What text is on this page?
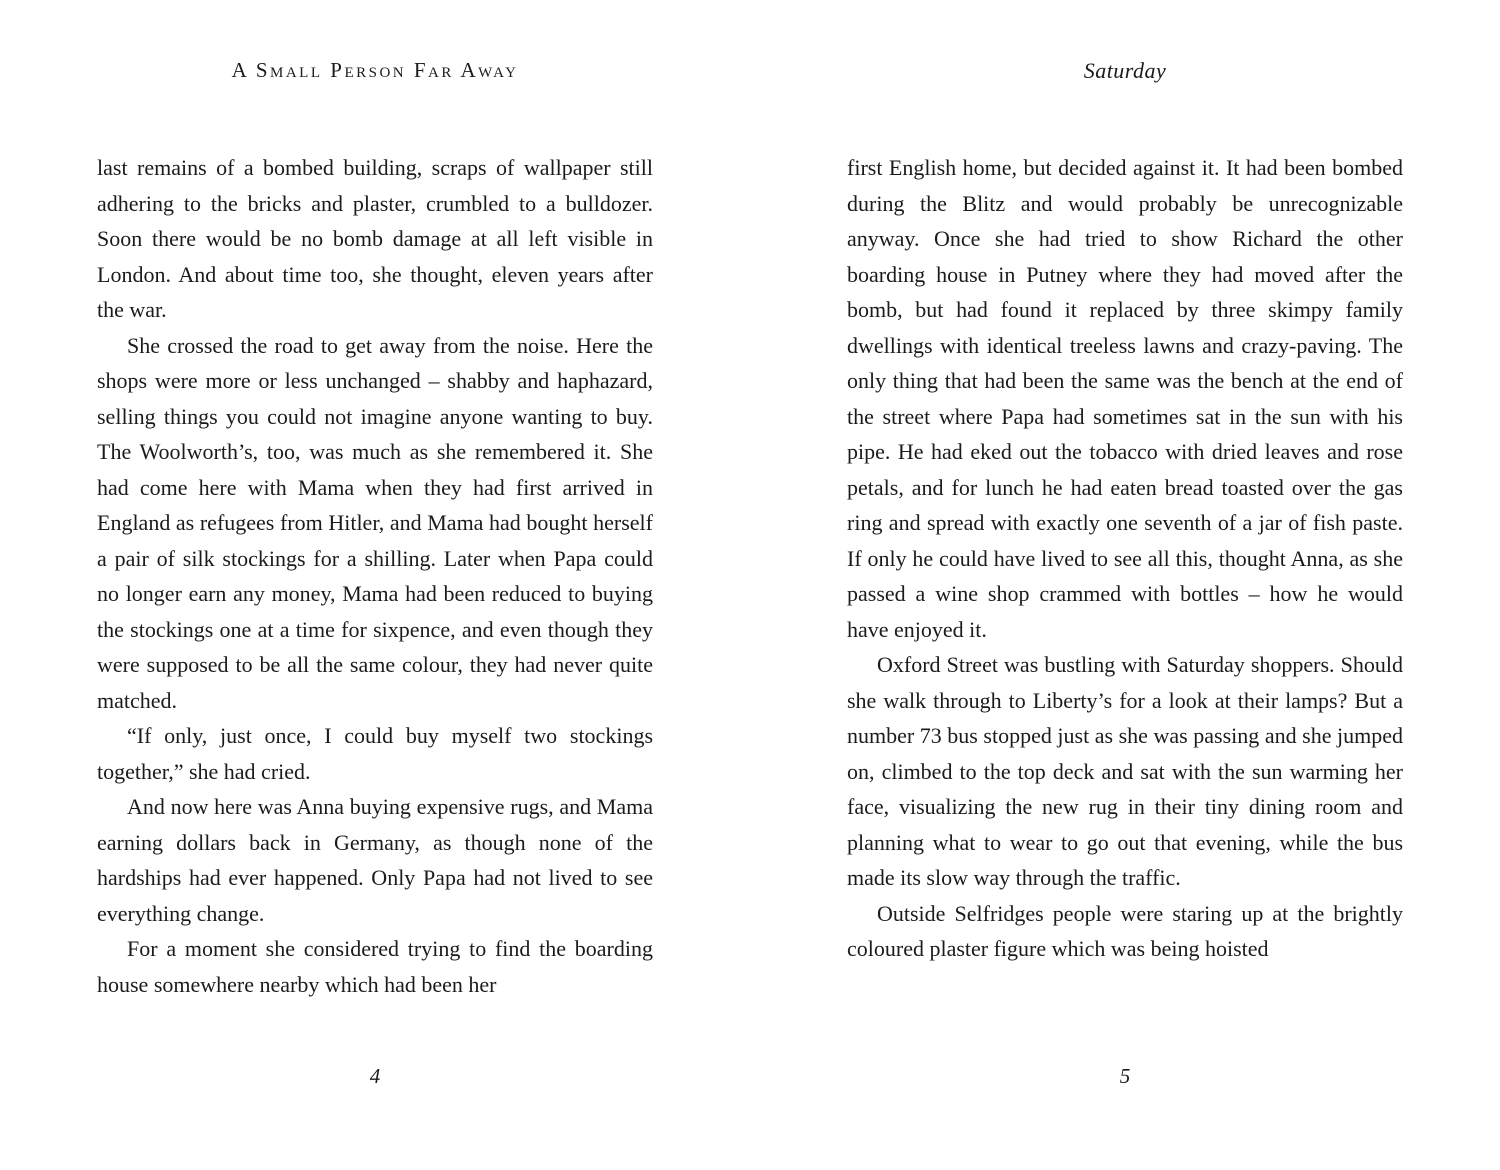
A Small Person Far Away

last remains of a bombed building, scraps of wallpaper still adhering to the bricks and plaster, crumbled to a bulldozer. Soon there would be no bomb damage at all left visible in London. And about time too, she thought, eleven years after the war.

She crossed the road to get away from the noise. Here the shops were more or less unchanged – shabby and haphazard, selling things you could not imagine anyone wanting to buy. The Woolworth’s, too, was much as she remembered it. She had come here with Mama when they had first arrived in England as refugees from Hitler, and Mama had bought herself a pair of silk stockings for a shilling. Later when Papa could no longer earn any money, Mama had been reduced to buying the stockings one at a time for sixpence, and even though they were supposed to be all the same colour, they had never quite matched.

“If only, just once, I could buy myself two stockings together,” she had cried.

And now here was Anna buying expensive rugs, and Mama earning dollars back in Germany, as though none of the hardships had ever happened. Only Papa had not lived to see everything change.

For a moment she considered trying to find the boarding house somewhere nearby which had been her

4
Saturday

first English home, but decided against it. It had been bombed during the Blitz and would probably be unrecognizable anyway. Once she had tried to show Richard the other boarding house in Putney where they had moved after the bomb, but had found it replaced by three skimpy family dwellings with identical treeless lawns and crazy-paving. The only thing that had been the same was the bench at the end of the street where Papa had sometimes sat in the sun with his pipe. He had eked out the tobacco with dried leaves and rose petals, and for lunch he had eaten bread toasted over the gas ring and spread with exactly one seventh of a jar of fish paste. If only he could have lived to see all this, thought Anna, as she passed a wine shop crammed with bottles – how he would have enjoyed it.

Oxford Street was bustling with Saturday shoppers. Should she walk through to Liberty’s for a look at their lamps? But a number 73 bus stopped just as she was passing and she jumped on, climbed to the top deck and sat with the sun warming her face, visualizing the new rug in their tiny dining room and planning what to wear to go out that evening, while the bus made its slow way through the traffic.

Outside Selfridges people were staring up at the brightly coloured plaster figure which was being hoisted

5
